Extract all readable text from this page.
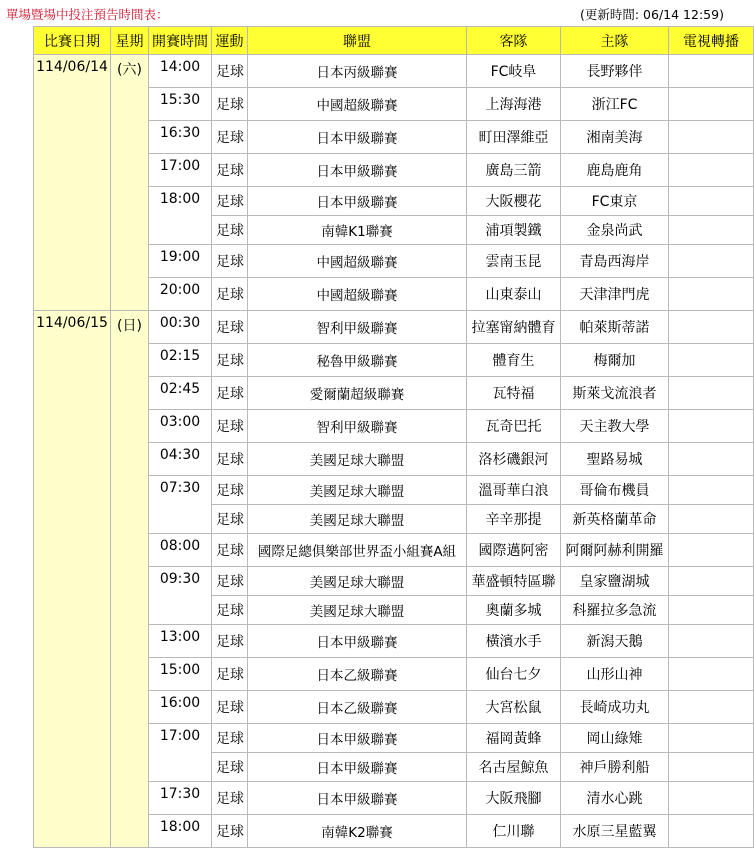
單場暨場中投注預告時間表：	(更新時間: 06/14 12:59)
比賽日期	星期	開賽時間	運動	聯盟	客隊	主隊	電視轉播
114/06/14	(六)	14:00	足球	日本丙級聯賽	FC岐阜	長野夥伴	
		15:30	足球	中國超級聯賽	上海海港	浙江FC	
		16:30	足球	日本甲級聯賽	町田澤維亞	湘南美海	
		17:00	足球	日本甲級聯賽	廣島三箭	鹿島鹿角	
		18:00	足球	日本甲級聯賽	大阪櫻花	FC東京	
			足球	南韓K1聯賽	浦項製鐵	金泉尚武	
		19:00	足球	中國超級聯賽	雲南玉昆	青島西海岸	
		20:00	足球	中國超級聯賽	山東泰山	天津津門虎	
114/06/15	(日)	00:30	足球	智利甲級聯賽	拉塞甯納體育	帕萊斯蒂諾	
		02:15	足球	秘魯甲級聯賽	體育生	梅爾加	
		02:45	足球	愛爾蘭超級聯賽	瓦特福	斯萊戈流浪者	
		03:00	足球	智利甲級聯賽	瓦奇巴托	天主教大學	
		04:30	足球	美國足球大聯盟	洛杉磯銀河	聖路易城	
		07:30	足球	美國足球大聯盟	溫哥華白浪	哥倫布機員	
			足球	美國足球大聯盟	辛辛那提	新英格蘭革命	
		08:00	足球	國際足總俱樂部世界盃小組賽A組	國際邁阿密	阿爾阿赫利開羅	
		09:30	足球	美國足球大聯盟	華盛頓特區聯	皇家鹽湖城	
			足球	美國足球大聯盟	奧蘭多城	科羅拉多急流	
		13:00	足球	日本甲級聯賽	橫濱水手	新潟天鵝	
		15:00	足球	日本乙級聯賽	仙台七夕	山形山神	
		16:00	足球	日本乙級聯賽	大宮松鼠	長崎成功丸	
		17:00	足球	日本甲級聯賽	福岡黃蜂	岡山綠雉	
			足球	日本甲級聯賽	名古屋鯨魚	神戶勝利船	
		17:30	足球	日本甲級聯賽	大阪飛腳	清水心跳	
		18:00	足球	南韓K2聯賽	仁川聯	水原三星藍翼	
